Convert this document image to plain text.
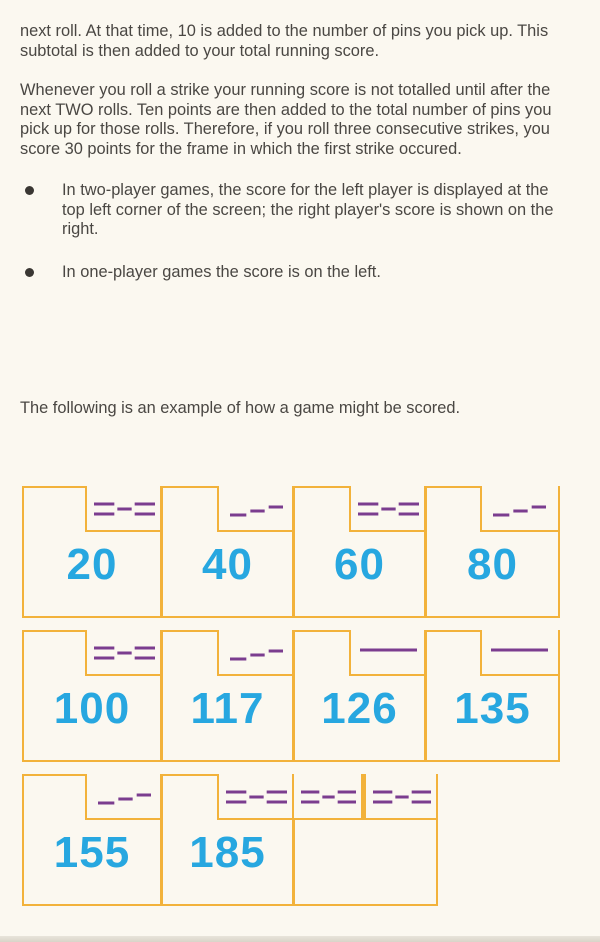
next roll. At that time, 10 is added to the number of pins you pick up. This subtotal is then added to your total running score.

Whenever you roll a strike your running score is not totalled until after the next TWO rolls. Ten points are then added to the total number of pins you pick up for those rolls. Therefore, if you roll three consecutive strikes, you score 30 points for the frame in which the first strike occured.

In two-player games, the score for the left player is displayed at the top left corner of the screen; the right player's score is shown on the right.
In one-player games the score is on the left.

The following is an example of how a game might be scored.

20	40	60	80
100	117	126	135
155	185
